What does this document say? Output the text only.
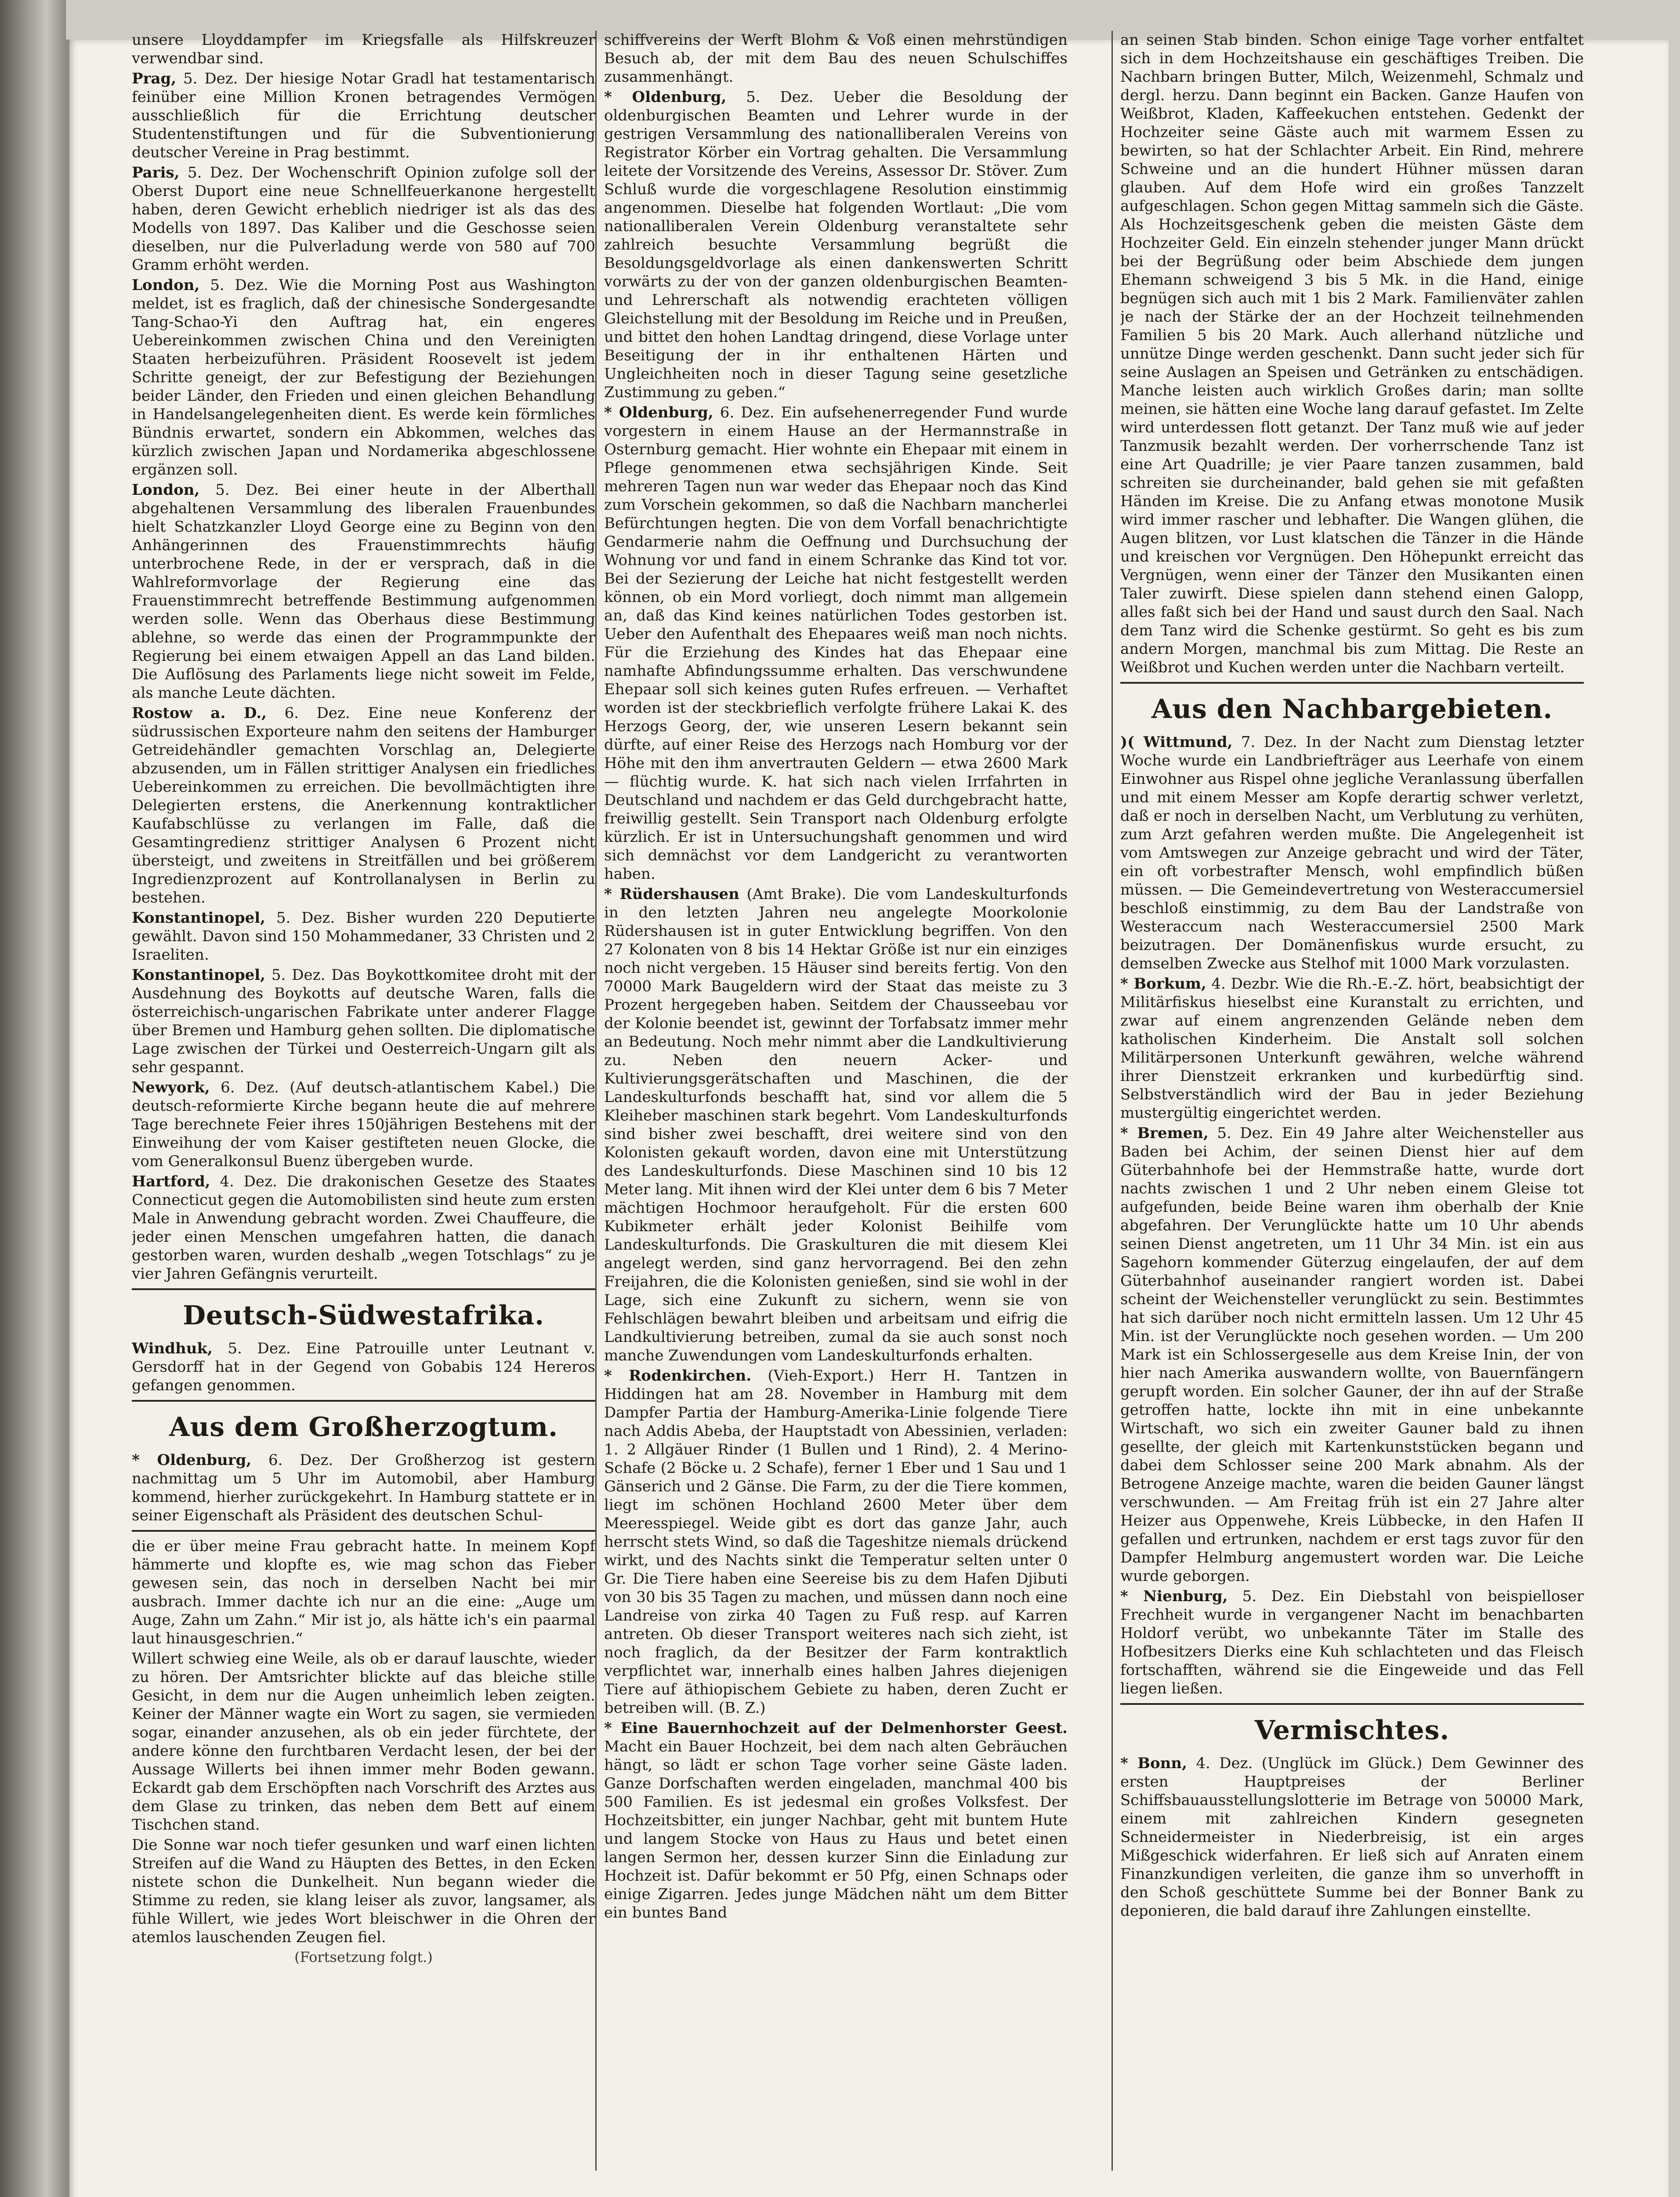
unsere Lloyddampfer im Kriegsfalle als Hilfskreuzer verwendbar sind.

Prag, 5. Dez. Der hiesige Notar Gradl hat testamentarisch feinüber eine Million Kronen betragendes Vermögen ausschließlich für die Errichtung deutscher Studentenstiftungen und für die Subventionierung deutscher Vereine in Prag bestimmt.

Paris, 5. Dez. Der Wochenschrift Opinion zufolge soll der Oberst Duport eine neue Schnellfeuerkanone hergestellt haben, deren Gewicht erheblich niedriger ist als das des Modells von 1897. Das Kaliber und die Geschosse seien dieselben, nur die Pulverladung werde von 580 auf 700 Gramm erhöht werden.

London, 5. Dez. Wie die Morning Post aus Washington meldet, ist es fraglich, daß der chinesische Sondergesandte Tang-Schao-Yi den Auftrag hat, ein engeres Uebereinkommen zwischen China und den Vereinigten Staaten herbeizuführen. Präsident Roosevelt ist jedem Schritte geneigt, der zur Befestigung der Beziehungen beider Länder, den Frieden und einen gleichen Behandlung in Handelsangelegenheiten dient. Es werde kein förmliches Bündnis erwartet, sondern ein Abkommen, welches das kürzlich zwischen Japan und Nordamerika abgeschlossene ergänzen soll.

London, 5. Dez. Bei einer heute in der Alberthall abgehaltenen Versammlung des liberalen Frauenbundes hielt Schatzkanzler Lloyd George eine zu Beginn von den Anhängerinnen des Frauenstimmrechts häufig unterbrochene Rede, in der er versprach, daß in die Wahlreformvorlage der Regierung eine das Frauenstimmrecht betreffende Bestimmung aufgenommen werden solle. Wenn das Oberhaus diese Bestimmung ablehne, so werde das einen der Programmpunkte der Regierung bei einem etwaigen Appell an das Land bilden. Die Auflösung des Parlaments liege nicht soweit im Felde, als manche Leute dächten.

Rostow a. D., 6. Dez. Eine neue Konferenz der südrussischen Exporteure nahm den seitens der Hamburger Getreidehändler gemachten Vorschlag an, Delegierte abzusenden, um in Fällen strittiger Analysen ein friedliches Uebereinkommen zu erreichen. Die bevollmächtigten ihre Delegierten erstens, die Anerkennung kontraktlicher Kaufabschlüsse zu verlangen im Falle, daß die Gesamtingredienz strittiger Analysen 6 Prozent nicht übersteigt, und zweitens in Streitfällen und bei größerem Ingredienzprozent auf Kontrollanalysen in Berlin zu bestehen.

Konstantinopel, 5. Dez. Bisher wurden 220 Deputierte gewählt. Davon sind 150 Mohammedaner, 33 Christen und 2 Israeliten.

Konstantinopel, 5. Dez. Das Boykottkomitee droht mit der Ausdehnung des Boykotts auf deutsche Waren, falls die österreichisch-ungarischen Fabrikate unter anderer Flagge über Bremen und Hamburg gehen sollten. Die diplomatische Lage zwischen der Türkei und Oesterreich-Ungarn gilt als sehr gespannt.

Newyork, 6. Dez. (Auf deutsch-atlantischem Kabel.) Die deutsch-reformierte Kirche begann heute die auf mehrere Tage berechnete Feier ihres 150jährigen Bestehens mit der Einweihung der vom Kaiser gestifteten neuen Glocke, die vom Generalkonsul Buenz übergeben wurde.

Hartford, 4. Dez. Die drakonischen Gesetze des Staates Connecticut gegen die Automobilisten sind heute zum ersten Male in Anwendung gebracht worden. Zwei Chauffeure, die jeder einen Menschen umgefahren hatten, die danach gestorben waren, wurden deshalb „wegen Totschlags“ zu je vier Jahren Gefängnis verurteilt.

Deutsch-Südwestafrika.

Windhuk, 5. Dez. Eine Patrouille unter Leutnant v. Gersdorff hat in der Gegend von Gobabis 124 Hereros gefangen genommen.

Aus dem Großherzogtum.

* Oldenburg, 6. Dez. Der Großherzog ist gestern nachmittag um 5 Uhr im Automobil, aber Hamburg kommend, hierher zurückgekehrt. In Hamburg stattete er in seiner Eigenschaft als Präsident des deutschen Schul-

die er über meine Frau gebracht hatte. In meinem Kopf hämmerte und klopfte es, wie mag schon das Fieber gewesen sein, das noch in derselben Nacht bei mir ausbrach. Immer dachte ich nur an die eine: „Auge um Auge, Zahn um Zahn.“ Mir ist jo, als hätte ich's ein paarmal laut hinausgeschrien.“

Willert schwieg eine Weile, als ob er darauf lauschte, wieder zu hören. Der Amtsrichter blickte auf das bleiche stille Gesicht, in dem nur die Augen unheimlich leben zeigten. Keiner der Männer wagte ein Wort zu sagen, sie vermieden sogar, einander anzusehen, als ob ein jeder fürchtete, der andere könne den furchtbaren Verdacht lesen, der bei der Aussage Willerts bei ihnen immer mehr Boden gewann. Eckardt gab dem Erschöpften nach Vorschrift des Arztes aus dem Glase zu trinken, das neben dem Bett auf einem Tischchen stand.

Die Sonne war noch tiefer gesunken und warf einen lichten Streifen auf die Wand zu Häupten des Bettes, in den Ecken nistete schon die Dunkelheit. Nun begann wieder die Stimme zu reden, sie klang leiser als zuvor, langsamer, als fühle Willert, wie jedes Wort bleischwer in die Ohren der atemlos lauschenden Zeugen fiel.

(Fortsetzung folgt.)

schiffvereins der Werft Blohm & Voß einen mehrstündigen Besuch ab, der mit dem Bau des neuen Schulschiffes zusammenhängt.

* Oldenburg, 5. Dez. Ueber die Besoldung der oldenburgischen Beamten und Lehrer wurde in der gestrigen Versammlung des nationalliberalen Vereins von Registrator Körber ein Vortrag gehalten. Die Versammlung leitete der Vorsitzende des Vereins, Assessor Dr. Stöver. Zum Schluß wurde die vorgeschlagene Resolution einstimmig angenommen. Dieselbe hat folgenden Wortlaut: „Die vom nationalliberalen Verein Oldenburg veranstaltete sehr zahlreich besuchte Versammlung begrüßt die Besoldungsgeldvorlage als einen dankenswerten Schritt vorwärts zu der von der ganzen oldenburgischen Beamten- und Lehrerschaft als notwendig erachteten völligen Gleichstellung mit der Besoldung im Reiche und in Preußen, und bittet den hohen Landtag dringend, diese Vorlage unter Beseitigung der in ihr enthaltenen Härten und Ungleichheiten noch in dieser Tagung seine gesetzliche Zustimmung zu geben.“

* Oldenburg, 6. Dez. Ein aufsehenerregender Fund wurde vorgestern in einem Hause an der Hermannstraße in Osternburg gemacht. Hier wohnte ein Ehepaar mit einem in Pflege genommenen etwa sechsjährigen Kinde. Seit mehreren Tagen nun war weder das Ehepaar noch das Kind zum Vorschein gekommen, so daß die Nachbarn mancherlei Befürchtungen hegten. Die von dem Vorfall benachrichtigte Gendarmerie nahm die Oeffnung und Durchsuchung der Wohnung vor und fand in einem Schranke das Kind tot vor. Bei der Sezierung der Leiche hat nicht festgestellt werden können, ob ein Mord vorliegt, doch nimmt man allgemein an, daß das Kind keines natürlichen Todes gestorben ist. Ueber den Aufenthalt des Ehepaares weiß man noch nichts. Für die Erziehung des Kindes hat das Ehepaar eine namhafte Abfindungssumme erhalten. Das verschwundene Ehepaar soll sich keines guten Rufes erfreuen. — Verhaftet worden ist der steckbrieflich verfolgte frühere Lakai K. des Herzogs Georg, der, wie unseren Lesern bekannt sein dürfte, auf einer Reise des Herzogs nach Homburg vor der Höhe mit den ihm anvertrauten Geldern — etwa 2600 Mark — flüchtig wurde. K. hat sich nach vielen Irrfahrten in Deutschland und nachdem er das Geld durchgebracht hatte, freiwillig gestellt. Sein Transport nach Oldenburg erfolgte kürzlich. Er ist in Untersuchungshaft genommen und wird sich demnächst vor dem Landgericht zu verantworten haben.

* Rüdershausen (Amt Brake). Die vom Landeskulturfonds in den letzten Jahren neu angelegte Moorkolonie Rüdershausen ist in guter Entwicklung begriffen. Von den 27 Kolonaten von 8 bis 14 Hektar Größe ist nur ein einziges noch nicht vergeben. 15 Häuser sind bereits fertig. Von den 70000 Mark Baugeldern wird der Staat das meiste zu 3 Prozent hergegeben haben. Seitdem der Chausseebau vor der Kolonie beendet ist, gewinnt der Torfabsatz immer mehr an Bedeutung. Noch mehr nimmt aber die Landkultivierung zu. Neben den neuern Acker- und Kultivierungsgerätschaften und Maschinen, die der Landeskulturfonds beschafft hat, sind vor allem die 5 Kleiheber maschinen stark begehrt. Vom Landeskulturfonds sind bisher zwei beschafft, drei weitere sind von den Kolonisten gekauft worden, davon eine mit Unterstützung des Landeskulturfonds. Diese Maschinen sind 10 bis 12 Meter lang. Mit ihnen wird der Klei unter dem 6 bis 7 Meter mächtigen Hochmoor heraufgeholt. Für die ersten 600 Kubikmeter erhält jeder Kolonist Beihilfe vom Landeskulturfonds. Die Graskulturen die mit diesem Klei angelegt werden, sind ganz hervorragend. Bei den zehn Freijahren, die die Kolonisten genießen, sind sie wohl in der Lage, sich eine Zukunft zu sichern, wenn sie von Fehlschlägen bewahrt bleiben und arbeitsam und eifrig die Landkultivierung betreiben, zumal da sie auch sonst noch manche Zuwendungen vom Landeskulturfonds erhalten.

* Rodenkirchen. (Vieh-Export.) Herr H. Tantzen in Hiddingen hat am 28. November in Hamburg mit dem Dampfer Partia der Hamburg-Amerika-Linie folgende Tiere nach Addis Abeba, der Hauptstadt von Abessinien, verladen: 1. 2 Allgäuer Rinder (1 Bullen und 1 Rind), 2. 4 Merino-Schafe (2 Böcke u. 2 Schafe), ferner 1 Eber und 1 Sau und 1 Gänserich und 2 Gänse. Die Farm, zu der die Tiere kommen, liegt im schönen Hochland 2600 Meter über dem Meeresspiegel. Weide gibt es dort das ganze Jahr, auch herrscht stets Wind, so daß die Tageshitze niemals drückend wirkt, und des Nachts sinkt die Temperatur selten unter 0 Gr. Die Tiere haben eine Seereise bis zu dem Hafen Djibuti von 30 bis 35 Tagen zu machen, und müssen dann noch eine Landreise von zirka 40 Tagen zu Fuß resp. auf Karren antreten. Ob dieser Transport weiteres nach sich zieht, ist noch fraglich, da der Besitzer der Farm kontraktlich verpflichtet war, innerhalb eines halben Jahres diejenigen Tiere auf äthiopischem Gebiete zu haben, deren Zucht er betreiben will. (B. Z.)

* Eine Bauernhochzeit auf der Delmenhorster Geest. Macht ein Bauer Hochzeit, bei dem nach alten Gebräuchen hängt, so lädt er schon Tage vorher seine Gäste laden. Ganze Dorfschaften werden eingeladen, manchmal 400 bis 500 Familien. Es ist jedesmal ein großes Volksfest. Der Hochzeitsbitter, ein junger Nachbar, geht mit buntem Hute und langem Stocke von Haus zu Haus und betet einen langen Sermon her, dessen kurzer Sinn die Einladung zur Hochzeit ist. Dafür bekommt er 50 Pfg, einen Schnaps oder einige Zigarren. Jedes junge Mädchen näht um dem Bitter ein buntes Band

an seinen Stab binden. Schon einige Tage vorher entfaltet sich in dem Hochzeitshause ein geschäftiges Treiben. Die Nachbarn bringen Butter, Milch, Weizenmehl, Schmalz und dergl. herzu. Dann beginnt ein Backen. Ganze Haufen von Weißbrot, Kladen, Kaffeekuchen entstehen. Gedenkt der Hochzeiter seine Gäste auch mit warmem Essen zu bewirten, so hat der Schlachter Arbeit. Ein Rind, mehrere Schweine und an die hundert Hühner müssen daran glauben. Auf dem Hofe wird ein großes Tanzzelt aufgeschlagen. Schon gegen Mittag sammeln sich die Gäste. Als Hochzeitsgeschenk geben die meisten Gäste dem Hochzeiter Geld. Ein einzeln stehender junger Mann drückt bei der Begrüßung oder beim Abschiede dem jungen Ehemann schweigend 3 bis 5 Mk. in die Hand, einige begnügen sich auch mit 1 bis 2 Mark. Familienväter zahlen je nach der Stärke der an der Hochzeit teilnehmenden Familien 5 bis 20 Mark. Auch allerhand nützliche und unnütze Dinge werden geschenkt. Dann sucht jeder sich für seine Auslagen an Speisen und Getränken zu entschädigen. Manche leisten auch wirklich Großes darin; man sollte meinen, sie hätten eine Woche lang darauf gefastet. Im Zelte wird unterdessen flott getanzt. Der Tanz muß wie auf jeder Tanzmusik bezahlt werden. Der vorherrschende Tanz ist eine Art Quadrille; je vier Paare tanzen zusammen, bald schreiten sie durcheinander, bald gehen sie mit gefaßten Händen im Kreise. Die zu Anfang etwas monotone Musik wird immer rascher und lebhafter. Die Wangen glühen, die Augen blitzen, vor Lust klatschen die Tänzer in die Hände und kreischen vor Vergnügen. Den Höhepunkt erreicht das Vergnügen, wenn einer der Tänzer den Musikanten einen Taler zuwirft. Diese spielen dann stehend einen Galopp, alles faßt sich bei der Hand und saust durch den Saal. Nach dem Tanz wird die Schenke gestürmt. So geht es bis zum andern Morgen, manchmal bis zum Mittag. Die Reste an Weißbrot und Kuchen werden unter die Nachbarn verteilt.

Aus den Nachbargebieten.

)( Wittmund, 7. Dez. In der Nacht zum Dienstag letzter Woche wurde ein Landbriefträger aus Leerhafe von einem Einwohner aus Rispel ohne jegliche Veranlassung überfallen und mit einem Messer am Kopfe derartig schwer verletzt, daß er noch in derselben Nacht, um Verblutung zu verhüten, zum Arzt gefahren werden mußte. Die Angelegenheit ist vom Amtswegen zur Anzeige gebracht und wird der Täter, ein oft vorbestrafter Mensch, wohl empfindlich büßen müssen. — Die Gemeindevertretung von Westeraccumersiel beschloß einstimmig, zu dem Bau der Landstraße von Westeraccum nach Westeraccumersiel 2500 Mark beizutragen. Der Domänenfiskus wurde ersucht, zu demselben Zwecke aus Stelhof mit 1000 Mark vorzulasten.

* Borkum, 4. Dezbr. Wie die Rh.-E.-Z. hört, beabsichtigt der Militärfiskus hieselbst eine Kuranstalt zu errichten, und zwar auf einem angrenzenden Gelände neben dem katholischen Kinderheim. Die Anstalt soll solchen Militärpersonen Unterkunft gewähren, welche während ihrer Dienstzeit erkranken und kurbedürftig sind. Selbstverständlich wird der Bau in jeder Beziehung mustergültig eingerichtet werden.

* Bremen, 5. Dez. Ein 49 Jahre alter Weichensteller aus Baden bei Achim, der seinen Dienst hier auf dem Güterbahnhofe bei der Hemmstraße hatte, wurde dort nachts zwischen 1 und 2 Uhr neben einem Gleise tot aufgefunden, beide Beine waren ihm oberhalb der Knie abgefahren. Der Verunglückte hatte um 10 Uhr abends seinen Dienst angetreten, um 11 Uhr 34 Min. ist ein aus Sagehorn kommender Güterzug eingelaufen, der auf dem Güterbahnhof auseinander rangiert worden ist. Dabei scheint der Weichensteller verunglückt zu sein. Bestimmtes hat sich darüber noch nicht ermitteln lassen. Um 12 Uhr 45 Min. ist der Verunglückte noch gesehen worden. — Um 200 Mark ist ein Schlossergeselle aus dem Kreise Inin, der von hier nach Amerika auswandern wollte, von Bauernfängern gerupft worden. Ein solcher Gauner, der ihn auf der Straße getroffen hatte, lockte ihn mit in eine unbekannte Wirtschaft, wo sich ein zweiter Gauner bald zu ihnen gesellte, der gleich mit Kartenkunststücken begann und dabei dem Schlosser seine 200 Mark abnahm. Als der Betrogene Anzeige machte, waren die beiden Gauner längst verschwunden. — Am Freitag früh ist ein 27 Jahre alter Heizer aus Oppenwehe, Kreis Lübbecke, in den Hafen II gefallen und ertrunken, nachdem er erst tags zuvor für den Dampfer Helmburg angemustert worden war. Die Leiche wurde geborgen.

* Nienburg, 5. Dez. Ein Diebstahl von beispielloser Frechheit wurde in vergangener Nacht im benachbarten Holdorf verübt, wo unbekannte Täter im Stalle des Hofbesitzers Dierks eine Kuh schlachteten und das Fleisch fortschafften, während sie die Eingeweide und das Fell liegen ließen.

Vermischtes.

* Bonn, 4. Dez. (Unglück im Glück.) Dem Gewinner des ersten Hauptpreises der Berliner Schiffsbauausstellungslotterie im Betrage von 50000 Mark, einem mit zahlreichen Kindern gesegneten Schneidermeister in Niederbreisig, ist ein arges Mißgeschick widerfahren. Er ließ sich auf Anraten einem Finanzkundigen verleiten, die ganze ihm so unverhofft in den Schoß geschüttete Summe bei der Bonner Bank zu deponieren, die bald darauf ihre Zahlungen einstellte.
